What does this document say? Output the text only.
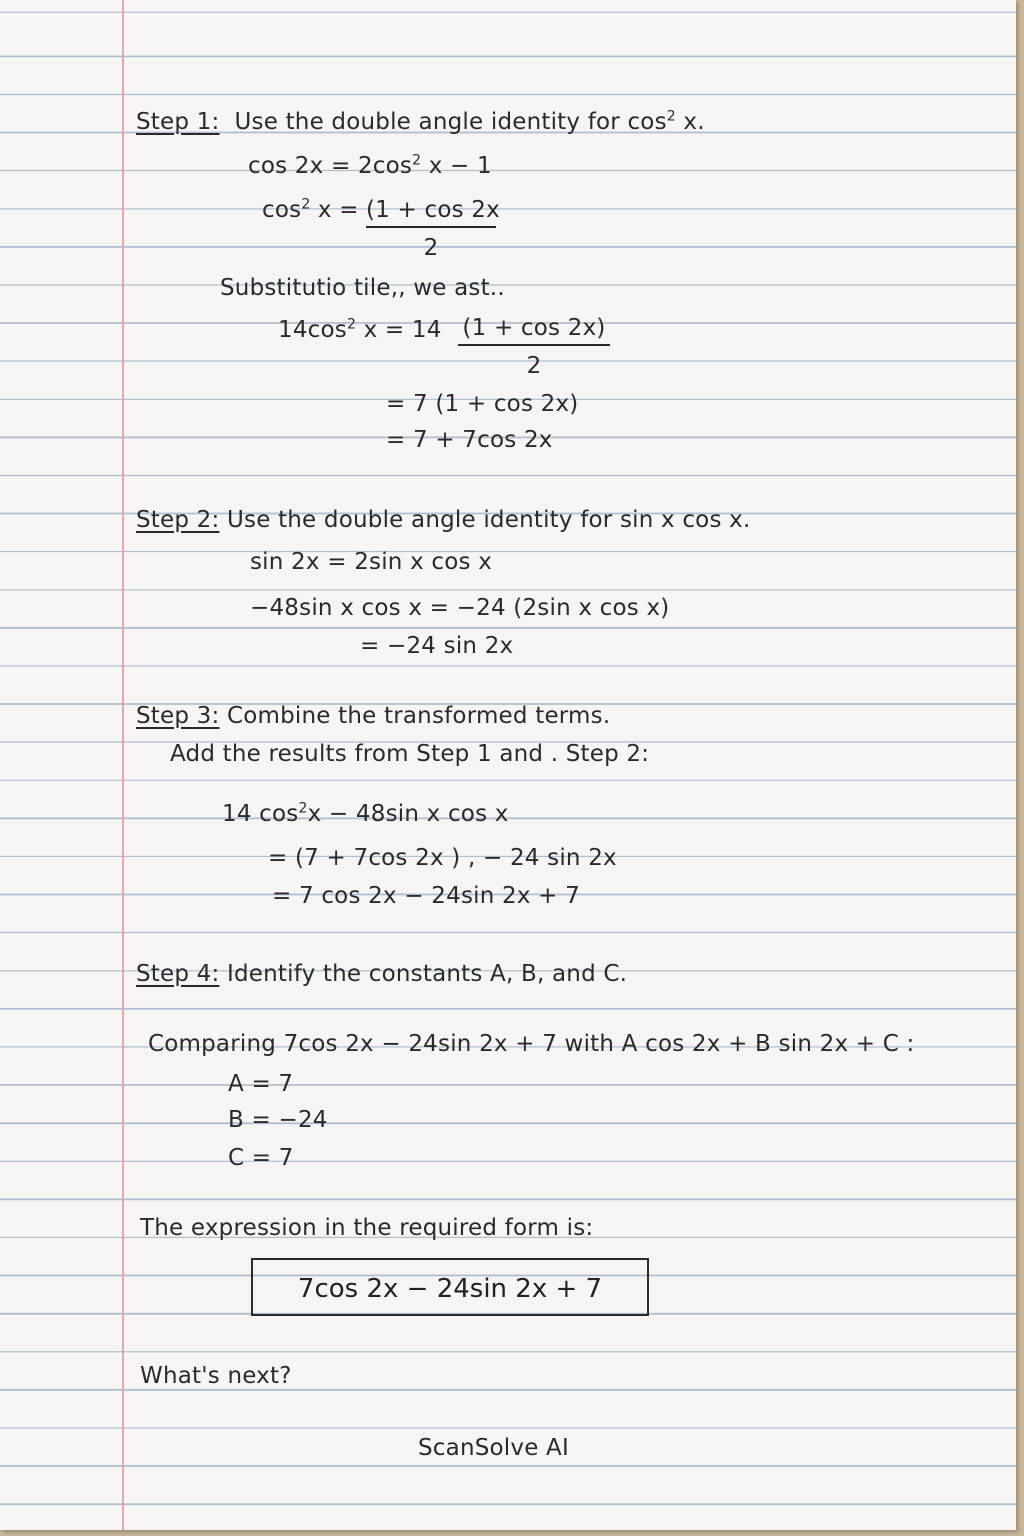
Step 1: Use the double angle identity for $\cos^2 x$.
$\cos 2x = 2\cos^2$ x − 1
$\cos^2 x = \frac{(1 + \cos 2x}{2}$
Substitutio tile,, we ast..
$14\cos^2$ $x = 14 \frac{(1 + \cos 2x)}{2}$
= 7 (1 + cos 2x)
= 7 + 7cos 2x
Step 2: Use the double angle identity for sin x cos x.
sin 2x = 2sin x cos x
−48sin x cos x = −24 (2sin x cos x)
= −24 sin 2x
Step 3: Combine the transformed terms.
Add the results from Step 1 and . Step 2:
14 $\cos^2x - 48\sin$ x cos x
= (7 + 7cos 2x ) , − 24 sin 2x
= 7 cos 2x − 24sin 2x + 7
Step 4: Identify the constants A, B, and C.
Comparing 7cos 2x − 24sin 2x + 7 with A cos 2x + B sin 2x + C :
A = 7
B = −24
C = 7
The expression in the required form is:
7cos 2x − 24sin 2x + 7
What's next?
ScanSolve AI
